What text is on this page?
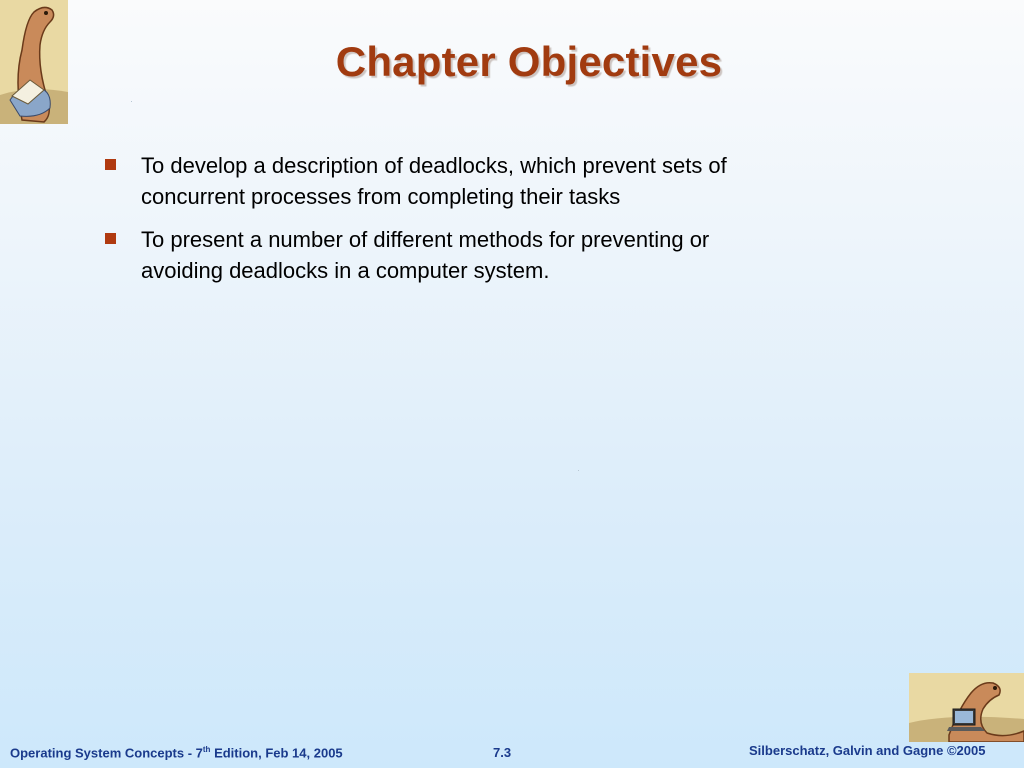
Chapter Objectives
To develop a description of deadlocks, which prevent sets of concurrent processes from completing their tasks
To present a number of different methods for preventing or avoiding deadlocks in a computer system.
Operating System Concepts - 7th Edition, Feb 14, 2005	7.3	Silberschatz, Galvin and Gagne ©2005
